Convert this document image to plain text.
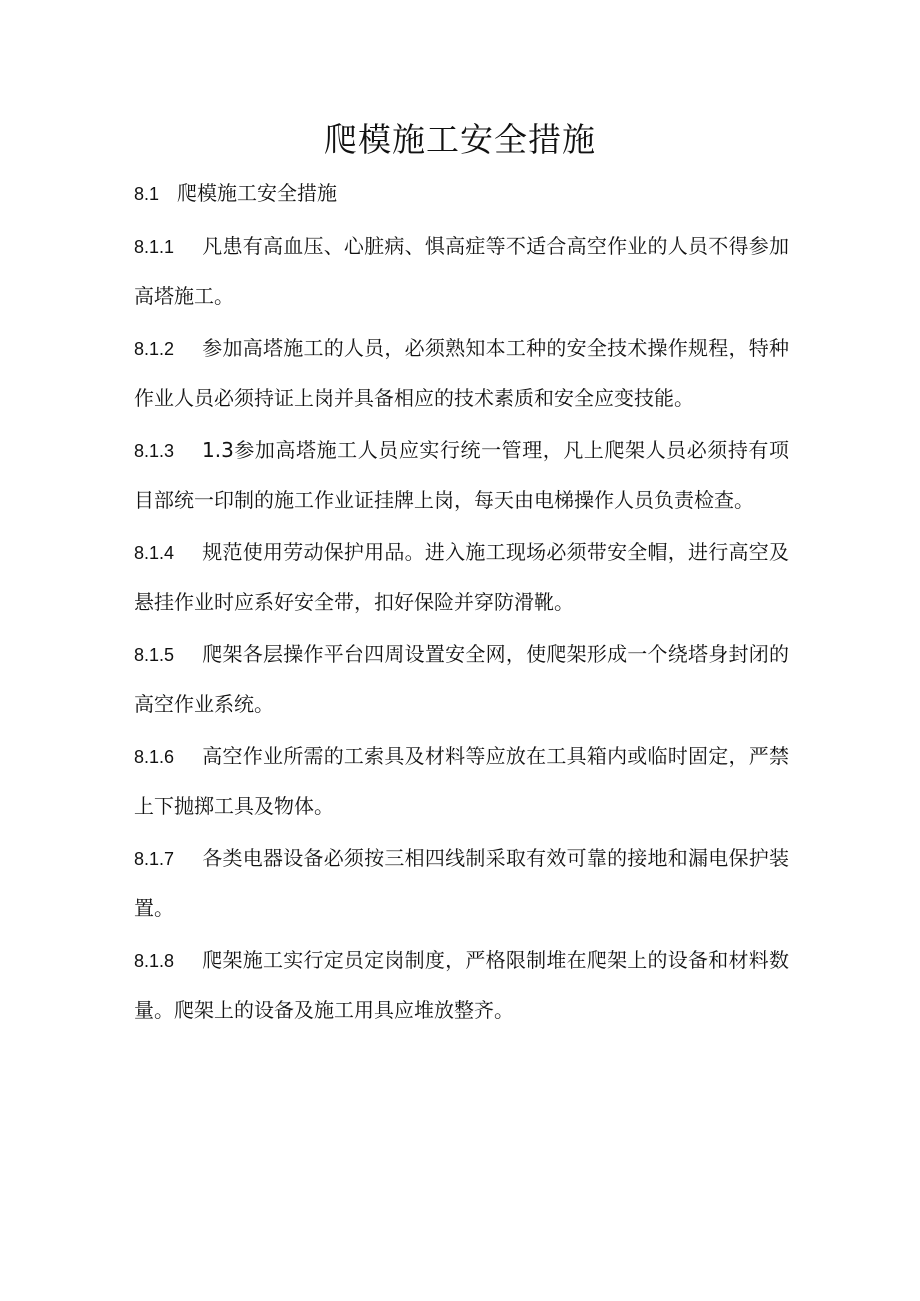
爬模施工安全措施
8.1 爬模施工安全措施

8.1.1 凡患有高血压、心脏病、惧高症等不适合高空作业的人员不得参加高塔施工。

8.1.2 参加高塔施工的人员，必须熟知本工种的安全技术操作规程，特种作业人员必须持证上岗并具备相应的技术素质和安全应变技能。

8.1.3 1.3参加高塔施工人员应实行统一管理，凡上爬架人员必须持有项目部统一印制的施工作业证挂牌上岗，每天由电梯操作人员负责检查。

8.1.4 规范使用劳动保护用品。进入施工现场必须带安全帽，进行高空及悬挂作业时应系好安全带，扣好保险并穿防滑靴。

8.1.5 爬架各层操作平台四周设置安全网，使爬架形成一个绕塔身封闭的高空作业系统。

8.1.6 高空作业所需的工索具及材料等应放在工具箱内或临时固定，严禁上下抛掷工具及物体。

8.1.7 各类电器设备必须按三相四线制采取有效可靠的接地和漏电保护装置。

8.1.8 爬架施工实行定员定岗制度，严格限制堆在爬架上的设备和材料数量。爬架上的设备及施工用具应堆放整齐。
